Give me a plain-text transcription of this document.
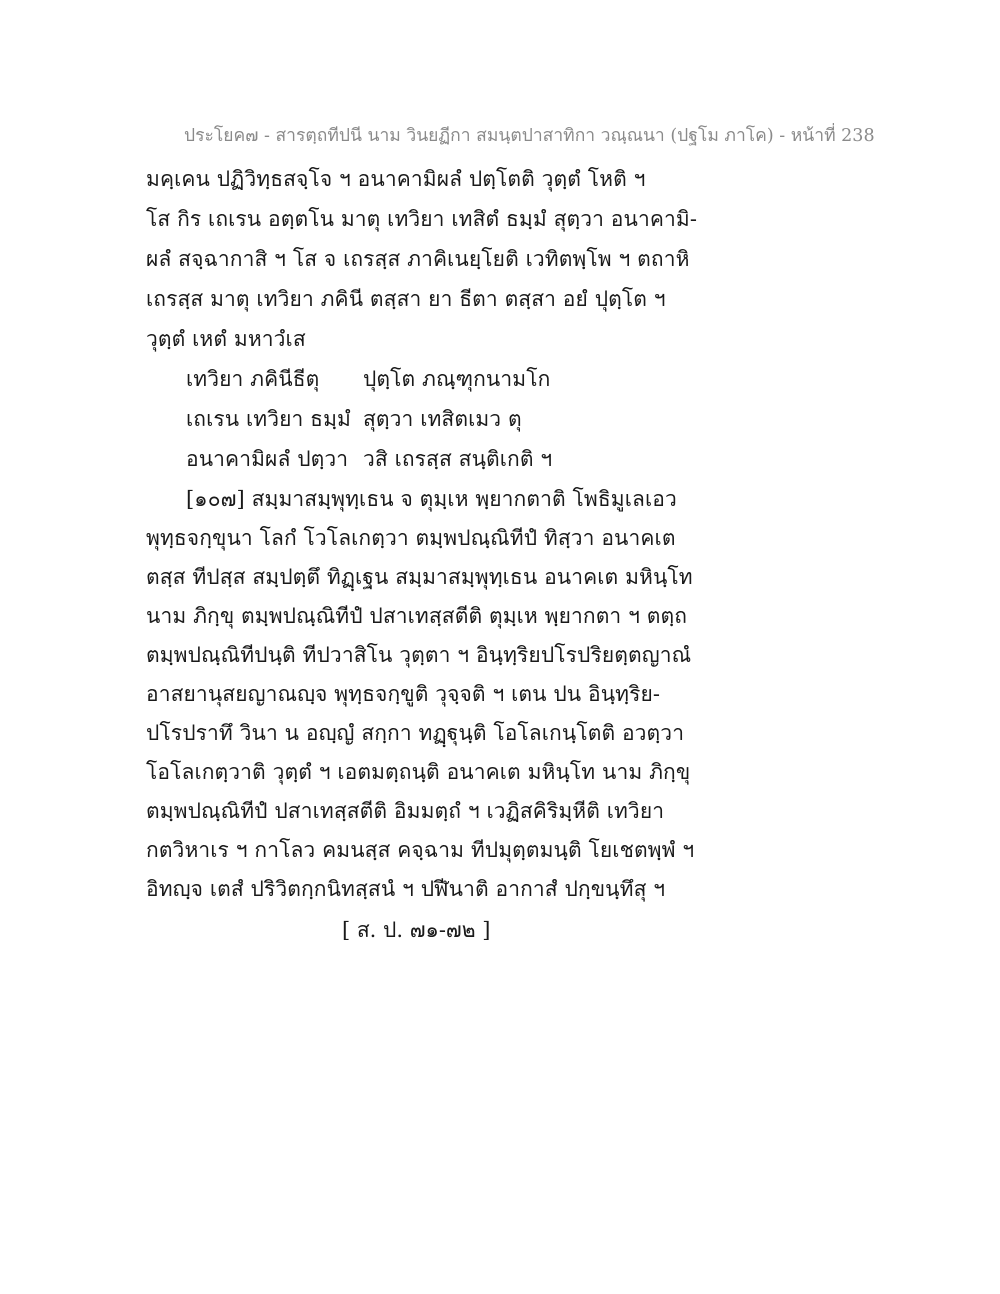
ประโยค๗ - สารตฺถทีปนี นาม วินยฏีกา สมนฺตปาสาทิกา วณฺณนา (ปฐโม ภาโค) - หน้าที่ 238
มคฺเคน ปฏิวิทฺธสจฺโจ ฯ อนาคามิผลํ ปตฺโตติ วุตฺตํ โหติ ฯ
โส กิร เถเรน อตฺตโน มาตุ เทวิยา เทสิตํ ธมฺมํ สุตฺวา อนาคามิ-
ผลํ สจฺฉากาสิ ฯ โส จ เถรสฺส ภาคิเนยฺโยติ เวทิตพฺโพ ฯ ตถาหิ
เถรสฺส มาตุ เทวิยา ภคินี ตสฺสา ยา ธีตา ตสฺสา อยํ ปุตฺโต ฯ
วุตฺตํ เหตํ มหาวํเส
เทวิยา ภคินีธีตุ ปุตฺโต ภณฺฑุกนามโก
เถเรน เทวิยา ธมฺมํ สุตฺวา เทสิตเมว ตุ
อนาคามิผลํ ปตฺวา วสิ เถรสฺส สนฺติเกติ ฯ
[๑๐๗] สมฺมาสมฺพุทฺเธน จ ตุมฺเห พฺยากตาติ โพธิมูเลเอว
พุทฺธจกฺขุนา โลกํ โวโลเกตฺวา ตมฺพปณฺณิทีปํ ทิสฺวา อนาคเต
ตสฺส ทีปสฺส สมฺปตฺตึ ทิฏฺเฐน สมฺมาสมฺพุทฺเธน อนาคเต มหินฺโท
นาม ภิกฺขุ ตมฺพปณฺณิทีปํ ปสาเทสฺสตีติ ตุมฺเห พฺยากตา ฯ ตตฺถ
ตมฺพปณฺณิทีปนฺติ ทีปวาสิโน วุตฺตา ฯ อินฺทฺริยปโรปริยตฺตญาณํ
อาสยานุสยญาณญฺจ พุทฺธจกฺขูติ วุจฺจติ ฯ เตน ปน อินฺทฺริย-
ปโรปราทึ วินา น อญฺญํ สกฺกา ทฏฺฐุนฺติ โอโลเกนฺโตติ อวตฺวา
โอโลเกตฺวาติ วุตฺตํ ฯ เอตมตฺถนฺติ อนาคเต มหินฺโท นาม ภิกฺขุ
ตมฺพปณฺณิทีปํ ปสาเทสฺสตีติ อิมมตฺถํ ฯ เวฏิสคิริมฺหีติ เทวิยา
กตวิหาเร ฯ กาโลว คมนสฺส คจฺฉาม ทีปมุตฺตมนฺติ โยเชตพฺพํ ฯ
อิทญฺจ เตสํ ปริวิตกฺกนิทสฺสนํ ฯ ปฬีนาติ อากาสํ ปกฺขนฺทึสุ ฯ
[ ส. ป. ๗๑-๗๒ ]
